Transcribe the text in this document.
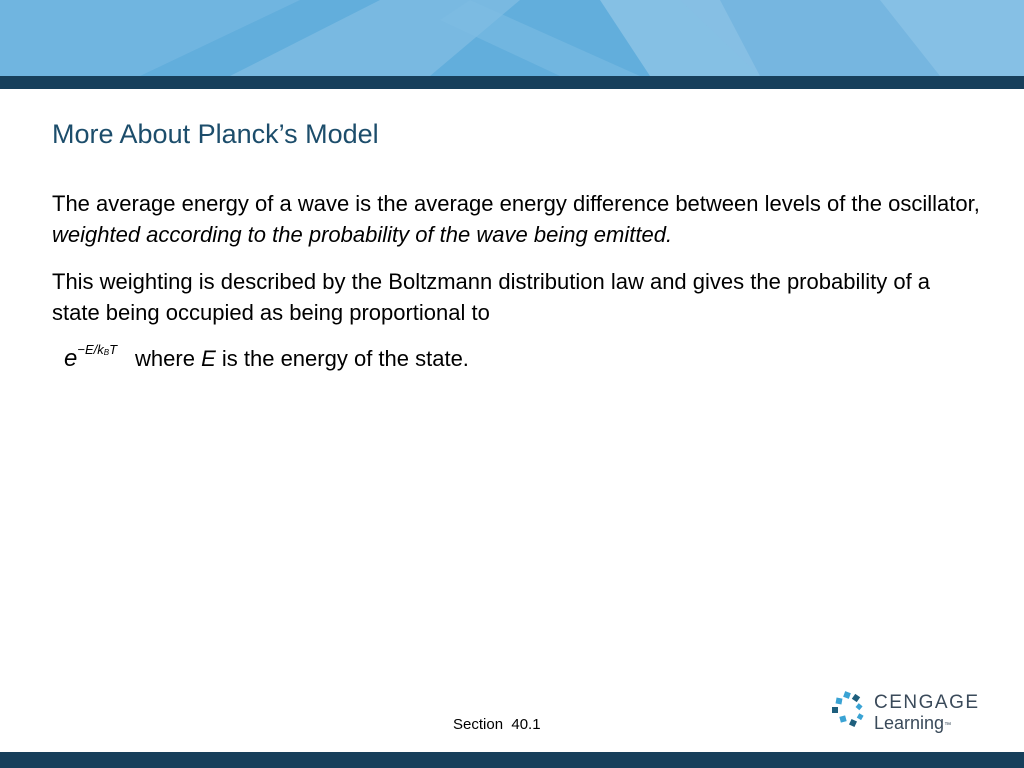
More About Planck’s Model

The average energy of a wave is the average energy difference between levels of the oscillator, weighted according to the probability of the wave being emitted.

This weighting is described by the Boltzmann distribution law and gives the probability of a state being occupied as being proportional to

$e^{-E/k_BT}$ where E is the energy of the state.
Section  40.1
CENGAGE
Learning™
